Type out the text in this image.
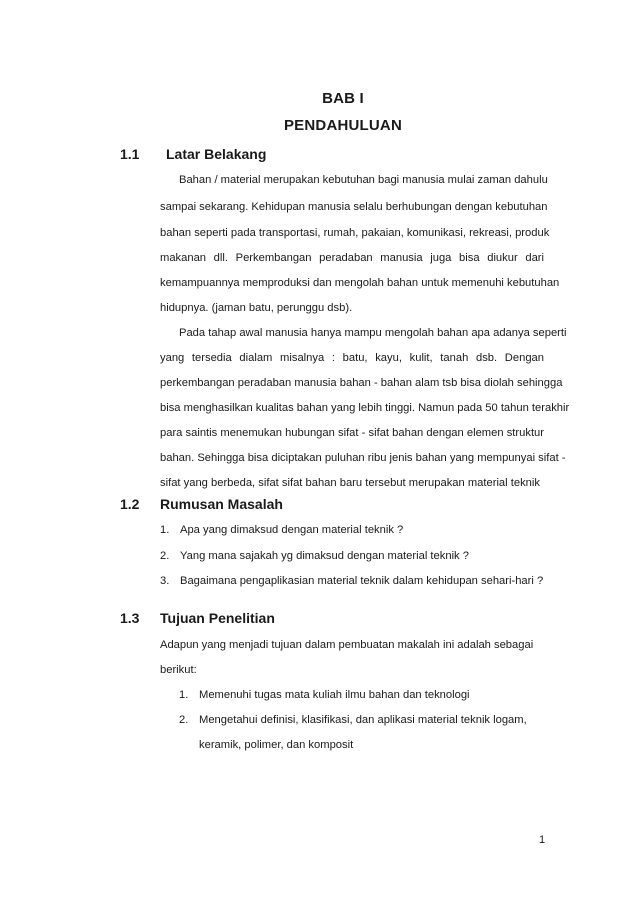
BAB I
PENDAHULUAN
1.1 Latar Belakang
Bahan / material merupakan kebutuhan bagi manusia mulai zaman dahulu
sampai sekarang. Kehidupan manusia selalu berhubungan dengan kebutuhan
bahan seperti pada transportasi, rumah, pakaian, komunikasi, rekreasi, produk
makanan dll. Perkembangan peradaban manusia juga bisa diukur dari
kemampuannya memproduksi dan mengolah bahan untuk memenuhi kebutuhan
hidupnya. (jaman batu, perunggu dsb).
Pada tahap awal manusia hanya mampu mengolah bahan apa adanya seperti
yang tersedia dialam misalnya : batu, kayu, kulit, tanah dsb. Dengan
perkembangan peradaban manusia bahan - bahan alam tsb bisa diolah sehingga
bisa menghasilkan kualitas bahan yang lebih tinggi. Namun pada 50 tahun terakhir
para saintis menemukan hubungan sifat - sifat bahan dengan elemen struktur
bahan. Sehingga bisa diciptakan puluhan ribu jenis bahan yang mempunyai sifat -
sifat yang berbeda, sifat sifat bahan baru tersebut merupakan material teknik
1.2 Rumusan Masalah
1. Apa yang dimaksud dengan material teknik ?
2. Yang mana sajakah yg dimaksud dengan material teknik ?
3. Bagaimana pengaplikasian material teknik dalam kehidupan sehari-hari ?
1.3 Tujuan Penelitian
Adapun yang menjadi tujuan dalam pembuatan makalah ini adalah sebagai
berikut:
1. Memenuhi tugas mata kuliah ilmu bahan dan teknologi
2. Mengetahui definisi, klasifikasi, dan aplikasi material teknik logam,
keramik, polimer, dan komposit
1
